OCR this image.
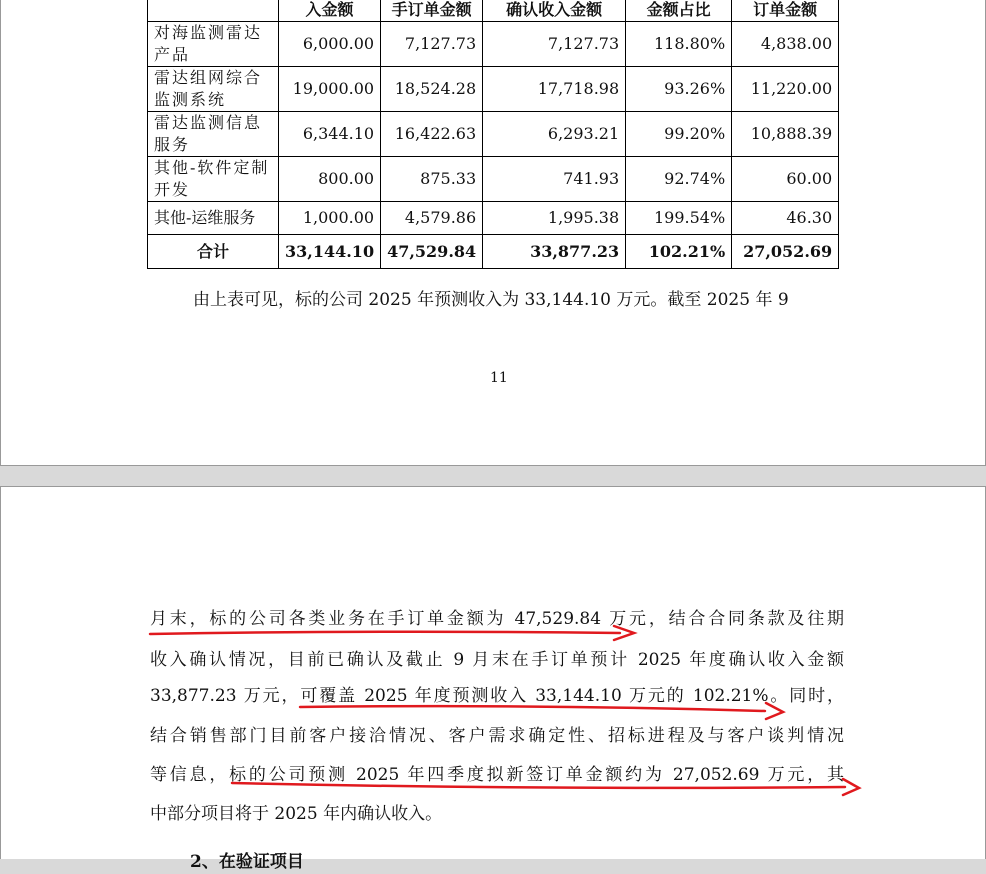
	入金额	手订单金额	确认收入金额	金额占比	订单金额
对海监测雷达产品	6,000.00	7,127.73	7,127.73	118.80%	4,838.00
雷达组网综合监测系统	19,000.00	18,524.28	17,718.98	93.26%	11,220.00
雷达监测信息服务	6,344.10	16,422.63	6,293.21	99.20%	10,888.39
其他-软件定制开发	800.00	875.33	741.93	92.74%	60.00
其他-运维服务	1,000.00	4,579.86	1,995.38	199.54%	46.30
合计	33,144.10	47,529.84	33,877.23	102.21%	27,052.69

由上表可见，标的公司 2025 年预测收入为 33,144.10 万元。截至 2025 年 9

11
月末，标的公司各类业务在手订单金额为 47,529.84 万元，结合合同条款及往期
收入确认情况，目前已确认及截止 9 月末在手订单预计 2025 年度确认收入金额
33,877.23 万元，可覆盖 2025 年度预测收入 33,144.10 万元的 102.21%。同时，
结合销售部门目前客户接洽情况、客户需求确定性、招标进程及与客户谈判情况
等信息，标的公司预测 2025 年四季度拟新签订单金额约为 27,052.69 万元，其
中部分项目将于 2025 年内确认收入。
2、在验证项目
